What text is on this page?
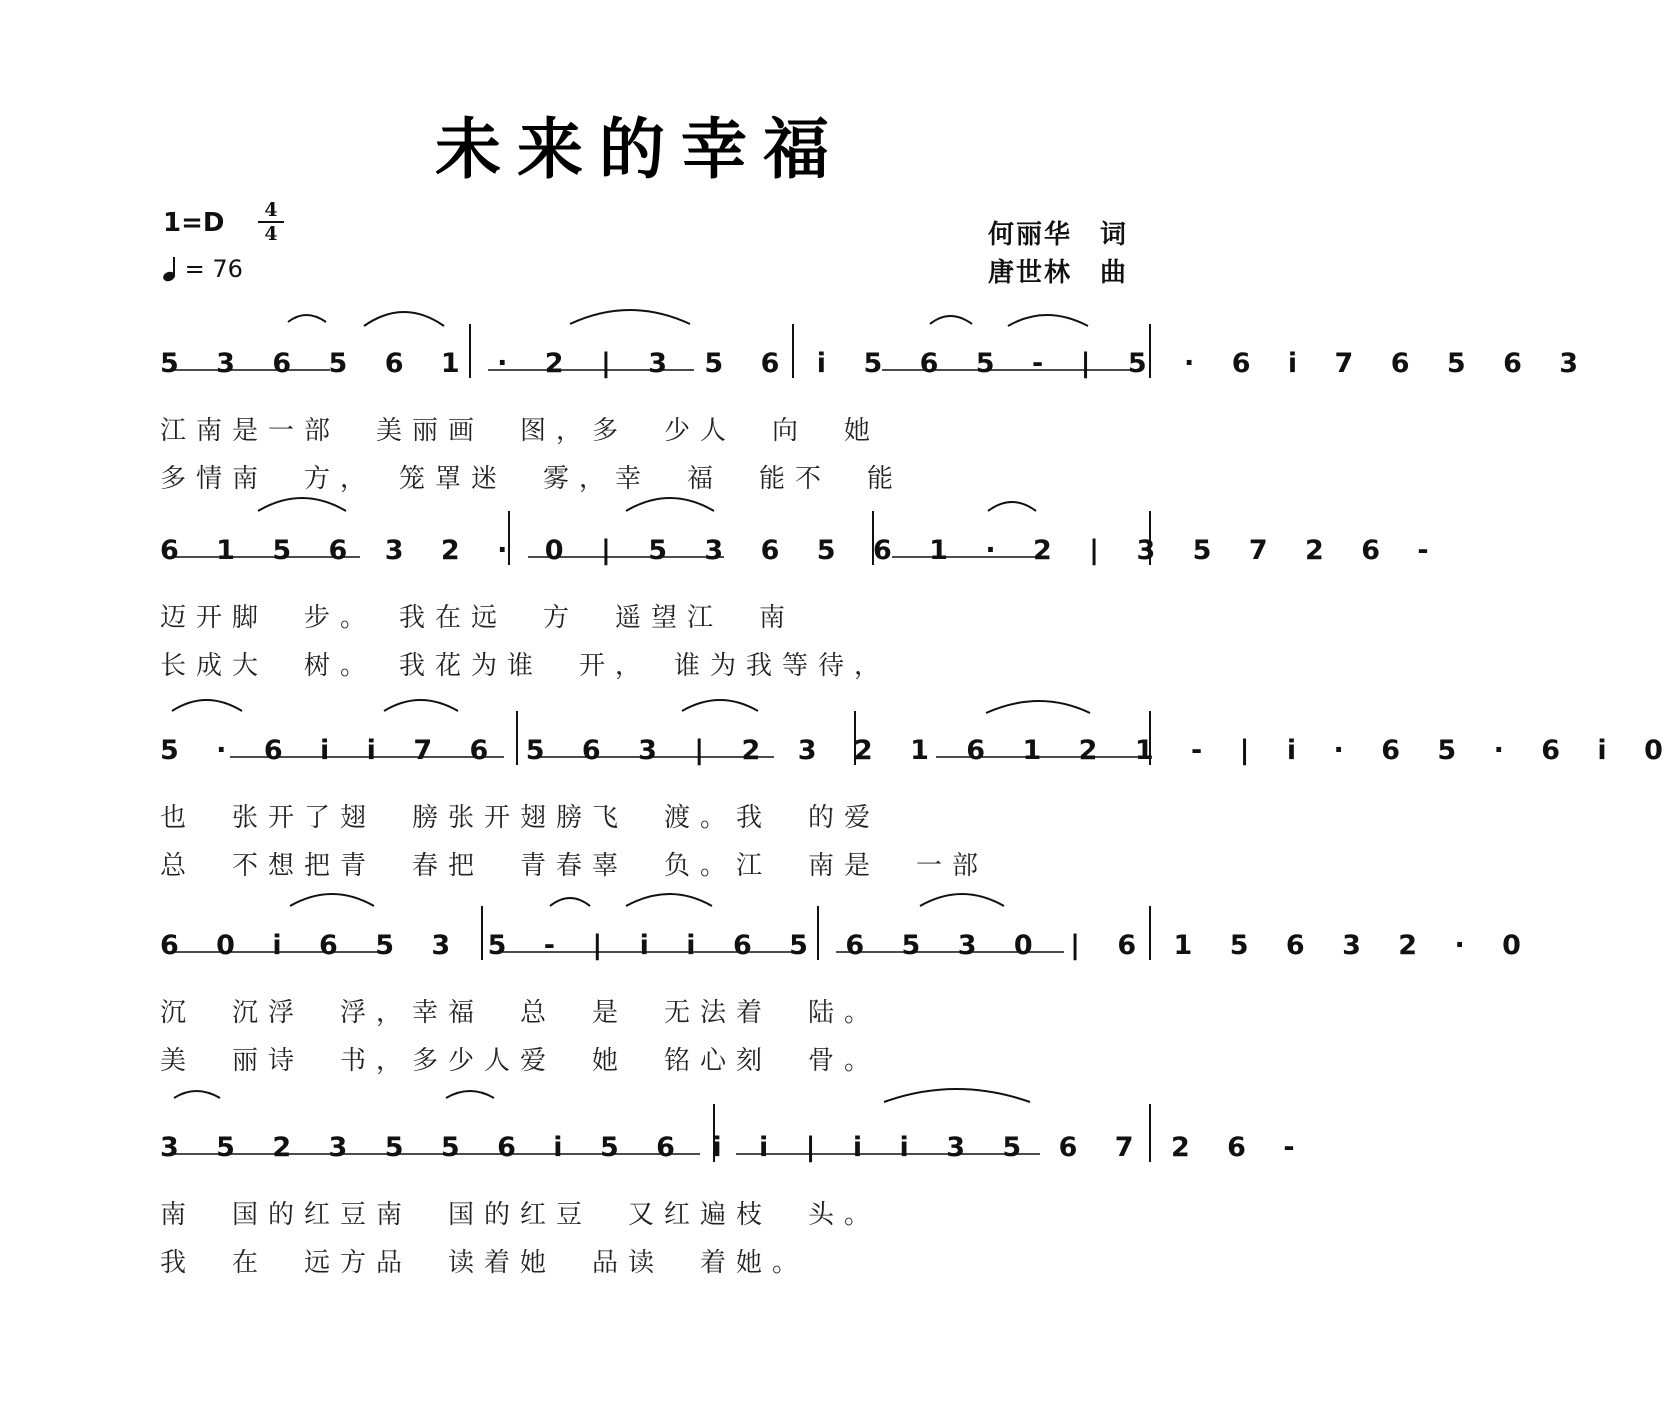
未来的幸福
1=D	4
4
= 76
何丽华　词
唐世林　曲
5 3 6 5 6 1 · 2 | 3 5 6 i 5 6 5 - | 5 · 6 i 7 6 5 6 3
江南是一部　美丽画　图，多　少人　向　她
多情南　方，　笼罩迷　雾，幸　福　能不　能
6 1 5 6 3 2 · 0 | 5 3 6 5 6 1 · 2 | 3 5 7 2 6 -
迈开脚　步。　我在远　方　遥望江　南
长成大　树。　我花为谁　开，　谁为我等待，
5 · 6 i i 7 6 5 6 3 | 2 3 2 1 6 1 2 1 - | i · 6 5 · 6 i 0
也　张开了翅　膀张开翅膀飞　渡。我　的爱
总　不想把青　春把　青春辜　负。江　南是　一部
6 0 i 6 5 3 5 - | i i 6 5 6 5 3 0 | 6 1 5 6 3 2 · 0
沉　沉浮　浮，幸福　总　是　无法着　陆。
美　丽诗　书，多少人爱　她　铭心刻　骨。
3 5 2 3 5 5 6 i 5 6 i i | i i 3 5 6 7 2 6 -
南　国的红豆南　国的红豆　又红遍枝　头。
我　在　远方品　读着她　品读　着她。
